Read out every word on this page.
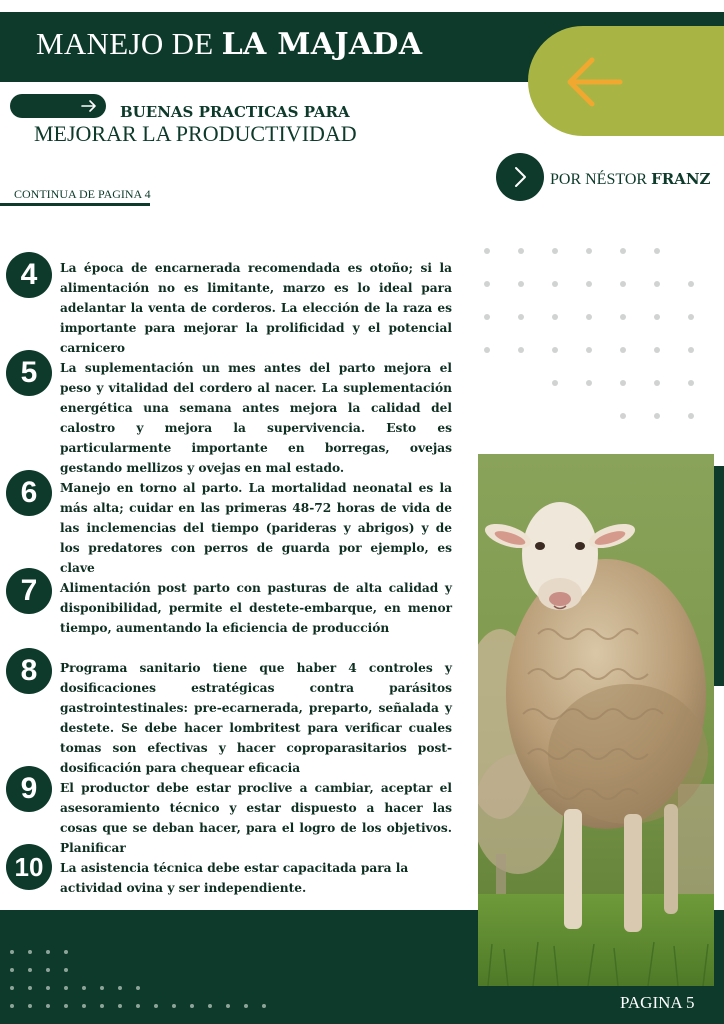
MANEJO DE LA MAJADA
BUENAS PRACTICAS PARA
MEJORAR LA PRODUCTIVIDAD
POR NÉSTOR FRANZ
CONTINUA DE PAGINA 4
4	La época de encarnerada recomendada es otoño; si la alimentación no es limitante, marzo es lo ideal para adelantar la venta de corderos. La elección de la raza es importante para mejorar la prolificidad y el potencial carnicero
5	La suplementación un mes antes del parto mejora el peso y vitalidad del cordero al nacer. La suplementación energética una semana antes mejora la calidad del calostro y mejora la supervivencia. Esto es particularmente importante en borregas, ovejas gestando mellizos y ovejas en mal estado.
6	Manejo en torno al parto. La mortalidad neonatal es la más alta; cuidar en las primeras 48-72 horas de vida de las inclemencias del tiempo (parideras y abrigos) y de los predatores con perros de guarda por ejemplo, es clave
7	Alimentación post parto con pasturas de alta calidad y disponibilidad, permite el destete-embarque, en menor tiempo, aumentando la eficiencia de producción
8	Programa sanitario tiene que haber 4 controles y dosificaciones estratégicas contra parásitos gastrointestinales: pre-ecarnerada, preparto, señalada y destete. Se debe hacer lombritest para verificar cuales tomas son efectivas y hacer coproparasitarios post-dosificación para chequear eficacia
9	El productor debe estar proclive a cambiar, aceptar el asesoramiento técnico y estar dispuesto a hacer las cosas que se deban hacer, para el logro de los objetivos. Planificar
10	La asistencia técnica debe estar capacitada para la actividad ovina y ser independiente.
PAGINA 5
